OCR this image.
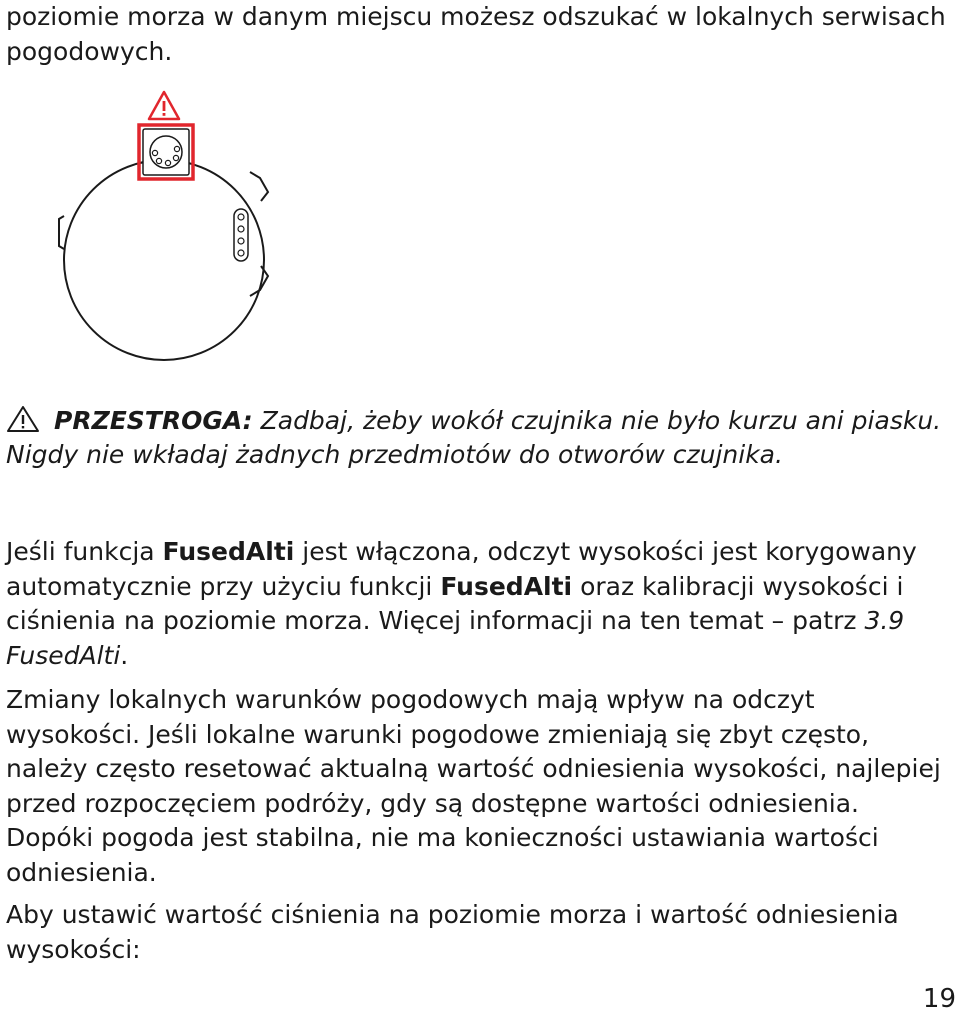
poziomie morza w danym miejscu możesz odszukać w lokalnych serwisach pogodowych.

PRZESTROGA: Zadbaj, żeby wokół czujnika nie było kurzu ani piasku. Nigdy nie wkładaj żadnych przedmiotów do otworów czujnika.

Jeśli funkcja FusedAlti jest włączona, odczyt wysokości jest korygowany automatycznie przy użyciu funkcji FusedAlti oraz kalibracji wysokości i ciśnienia na poziomie morza. Więcej informacji na ten temat – patrz 3.9 FusedAlti.

Zmiany lokalnych warunków pogodowych mają wpływ na odczyt wysokości. Jeśli lokalne warunki pogodowe zmieniają się zbyt często, należy często resetować aktualną wartość odniesienia wysokości, najlepiej przed rozpoczęciem podróży, gdy są dostępne wartości odniesienia. Dopóki pogoda jest stabilna, nie ma konieczności ustawiania wartości odniesienia.

Aby ustawić wartość ciśnienia na poziomie morza i wartość odniesienia wysokości:

19
